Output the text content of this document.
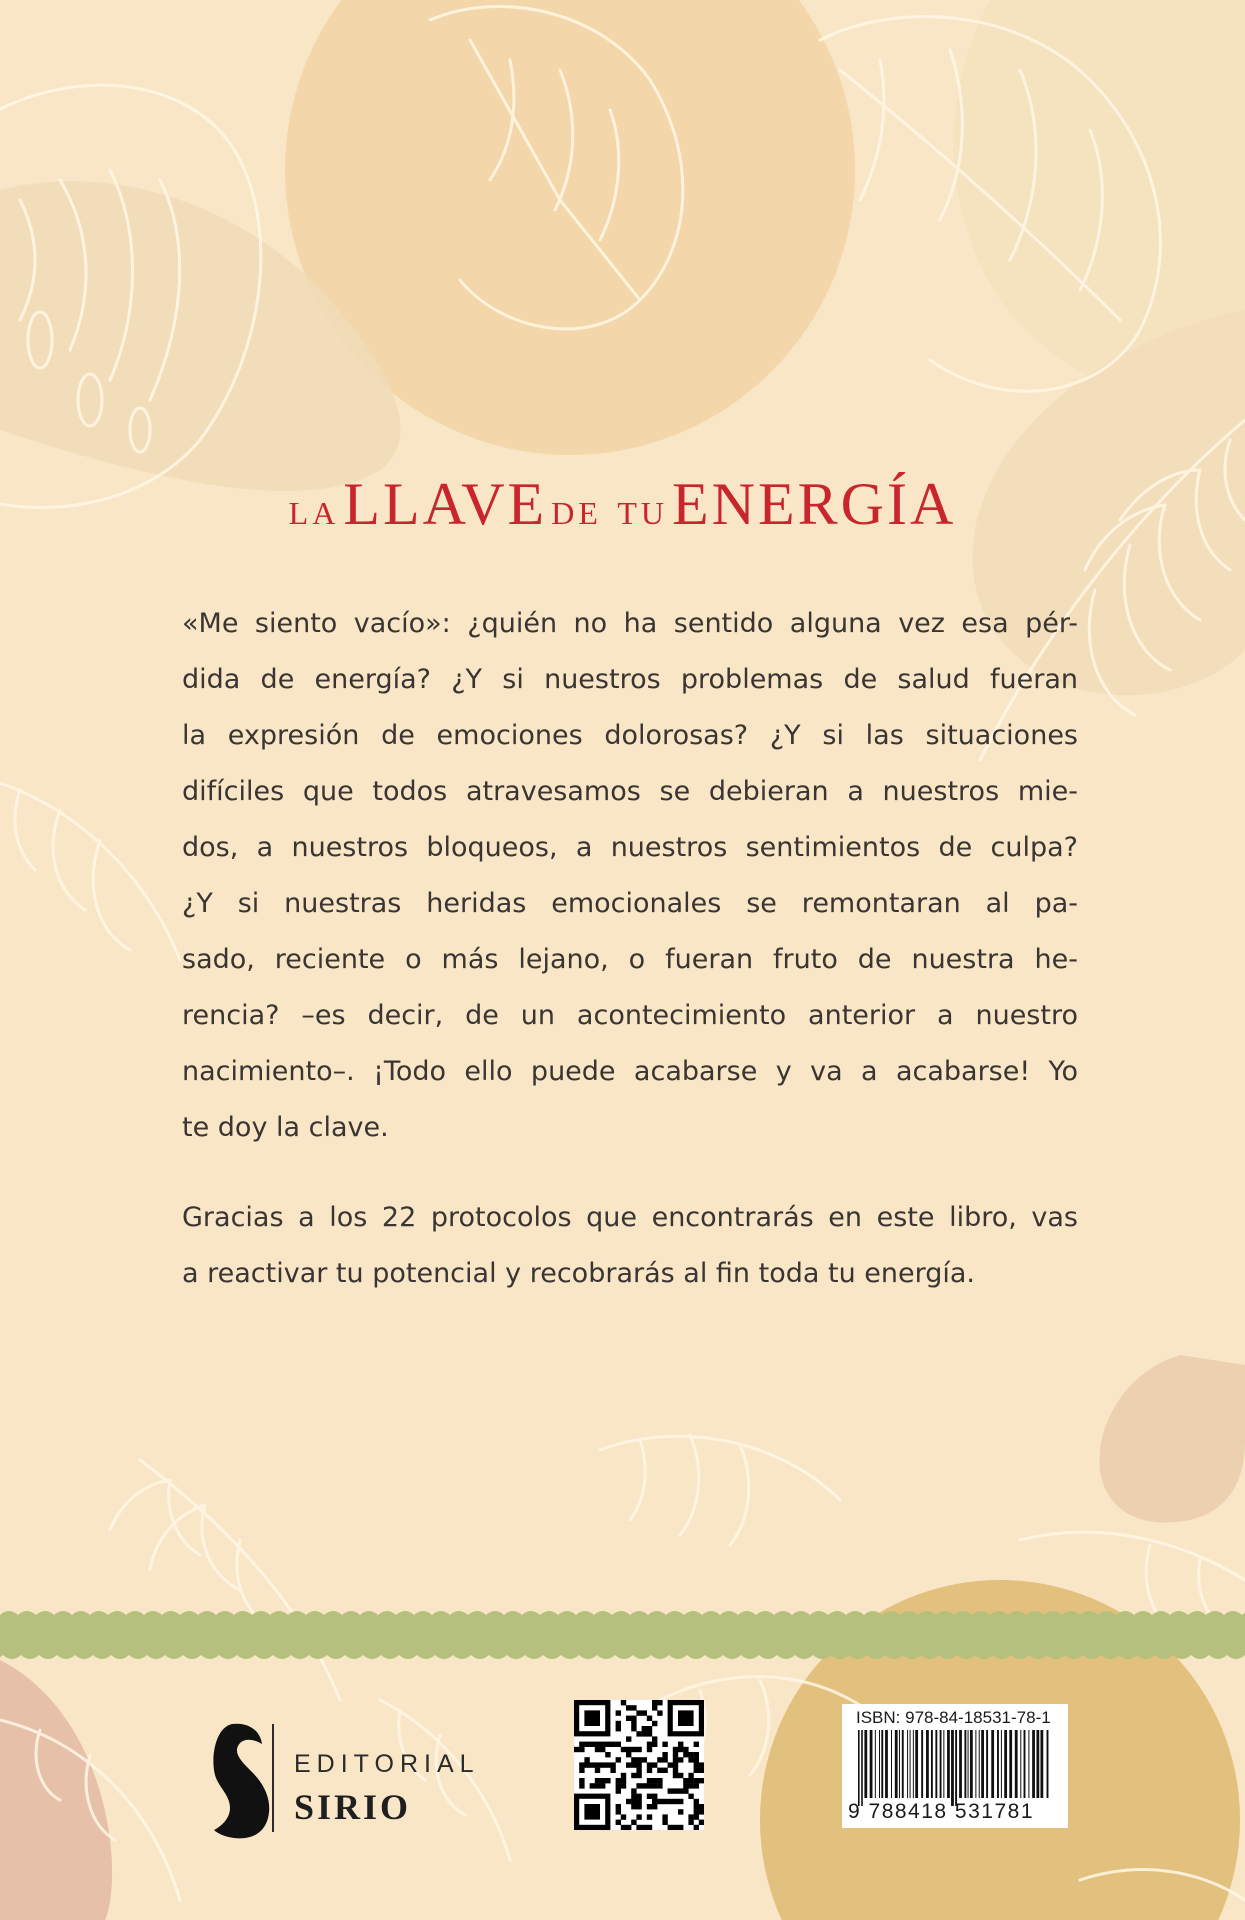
la LLAVE de tu ENERGÍA
«Me siento vacío»: ¿quién no ha sentido alguna vez esa pér-
dida de energía? ¿Y si nuestros problemas de salud fueran
la expresión de emociones dolorosas? ¿Y si las situaciones
difíciles que todos atravesamos se debieran a nuestros mie-
dos, a nuestros bloqueos, a nuestros sentimientos de culpa?
¿Y si nuestras heridas emocionales se remontaran al pa-
sado, reciente o más lejano, o fueran fruto de nuestra he-
rencia? –es decir, de un acontecimiento anterior a nuestro
nacimiento–. ¡Todo ello puede acabarse y va a acabarse! Yo
te doy la clave.
Gracias a los 22 protocolos que encontrarás en este libro, vas
a reactivar tu potencial y recobrarás al fin toda tu energía.
EDITORIAL
SIRIO
ISBN: 978-84-18531-78-1
9 788418 531781
